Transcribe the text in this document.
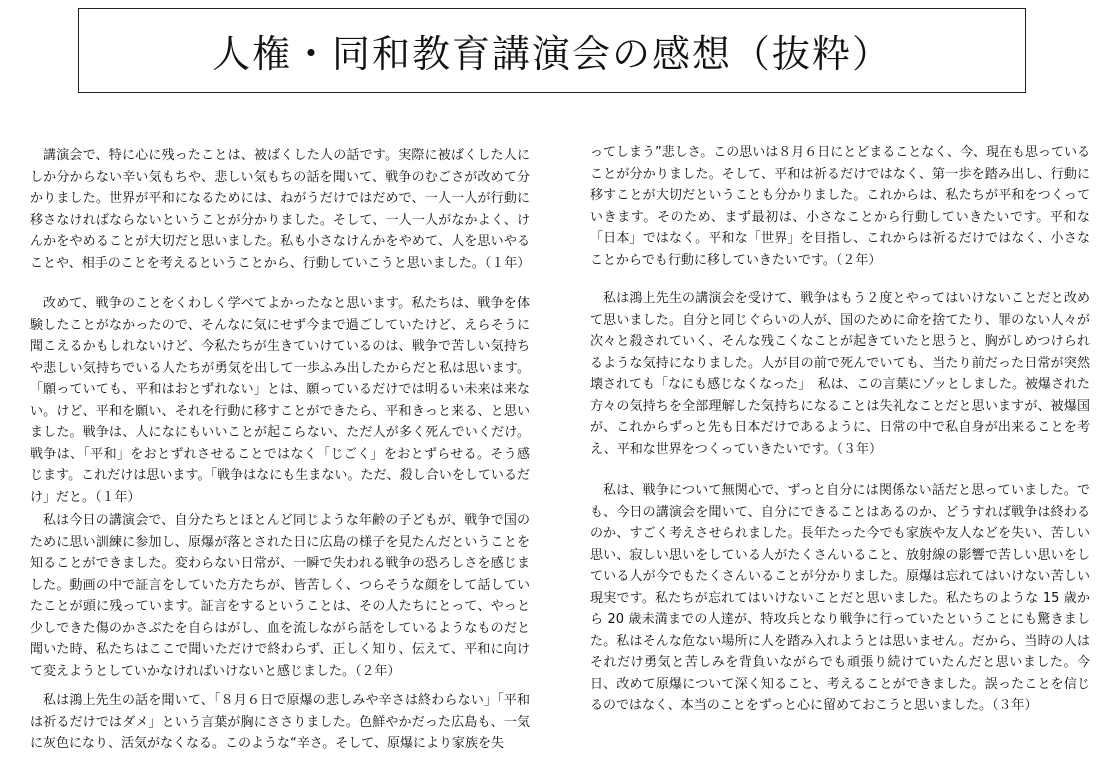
人権・同和教育講演会の感想（抜粋）

講演会で、特に心に残ったことは、被ばくした人の話です。実際に被ばくした人にしか分からない辛い気もちや、悲しい気もちの話を聞いて、戦争のむごさが改めて分かりました。世界が平和になるためには、ねがうだけではだめで、一人一人が行動に移さなければならないということが分かりました。そして、一人一人がなかよく、けんかをやめることが大切だと思いました。私も小さなけんかをやめて、人を思いやることや、相手のことを考えるということから、行動していこうと思いました。（１年）

改めて、戦争のことをくわしく学べてよかったなと思います。私たちは、戦争を体験したことがなかったので、そんなに気にせず今まで過ごしていたけど、えらそうに聞こえるかもしれないけど、今私たちが生きていけているのは、戦争で苦しい気持ちや悲しい気持ちでいる人たちが勇気を出して一歩ふみ出したからだと私は思います。「願っていても、平和はおとずれない」とは、願っているだけでは明るい未来は来ない。けど、平和を願い、それを行動に移すことができたら、平和きっと来る、と思いました。戦争は、人になにもいいことが起こらない、ただ人が多く死んでいくだけ。戦争は、「平和」をおとずれさせることではなく「じごく」をおとずらせる。そう感じます。これだけは思います。「戦争はなにも生まない。ただ、殺し合いをしているだけ」だと。（１年）

私は今日の講演会で、自分たちとほとんど同じような年齢の子どもが、戦争で国のために思い訓練に参加し、原爆が落とされた日に広島の様子を見たんだということを知ることができました。変わらない日常が、一瞬で失われる戦争の恐ろしさを感じました。動画の中で証言をしていた方たちが、皆苦しく、つらそうな顔をして話していたことが頭に残っています。証言をするということは、その人たちにとって、やっと少しできた傷のかさぶたを自らはがし、血を流しながら話をしているようなものだと聞いた時、私たちはここで聞いただけで終わらず、正しく知り、伝えて、平和に向けて変えようとしていかなければいけないと感じました。（２年）

私は鴻上先生の話を聞いて、「８月６日で原爆の悲しみや辛さは終わらない」「平和は祈るだけではダメ」という言葉が胸にささりました。色鮮やかだった広島も、一気に灰色になり、活気がなくなる。このような“辛さ。そして、原爆により家族を失

ってしまう”悲しさ。この思いは８月６日にとどまることなく、今、現在も思っていることが分かりました。そして、平和は祈るだけではなく、第一歩を踏み出し、行動に移すことが大切だということも分かりました。これからは、私たちが平和をつくっていきます。そのため、まず最初は、小さなことから行動していきたいです。平和な「日本」ではなく。平和な「世界」を目指し、これからは祈るだけではなく、小さなことからでも行動に移していきたいです。（２年）

私は鴻上先生の講演会を受けて、戦争はもう２度とやってはいけないことだと改めて思いました。自分と同じぐらいの人が、国のために命を捨てたり、罪のない人々が次々と殺されていく、そんな残こくなことが起きていたと思うと、胸がしめつけられるような気持になりました。人が目の前で死んでいても、当たり前だった日常が突然壊されても「なにも感じなくなった」　私は、この言葉にゾッとしました。被爆された方々の気持ちを全部理解した気持ちになることは失礼なことだと思いますが、被爆国が、これからずっと先も日本だけであるように、日常の中で私自身が出来ることを考え、平和な世界をつくっていきたいです。（３年）

私は、戦争について無関心で、ずっと自分には関係ない話だと思っていました。でも、今日の講演会を聞いて、自分にできることはあるのか、どうすれば戦争は終わるのか、すごく考えさせられました。長年たった今でも家族や友人などを失い、苦しい思い、寂しい思いをしている人がたくさんいること、放射線の影響で苦しい思いをしている人が今でもたくさんいることが分かりました。原爆は忘れてはいけない苦しい現実です。私たちが忘れてはいけないことだと思いました。私たちのような 15 歳から 20 歳未満までの人達が、特攻兵となり戦争に行っていたということにも驚きました。私はそんな危ない場所に人を踏み入れようとは思いません。だから、当時の人はそれだけ勇気と苦しみを背負いながらでも頑張り続けていたんだと思いました。今日、改めて原爆について深く知ること、考えることができました。誤ったことを信じるのではなく、本当のことをずっと心に留めておこうと思いました。（３年）
